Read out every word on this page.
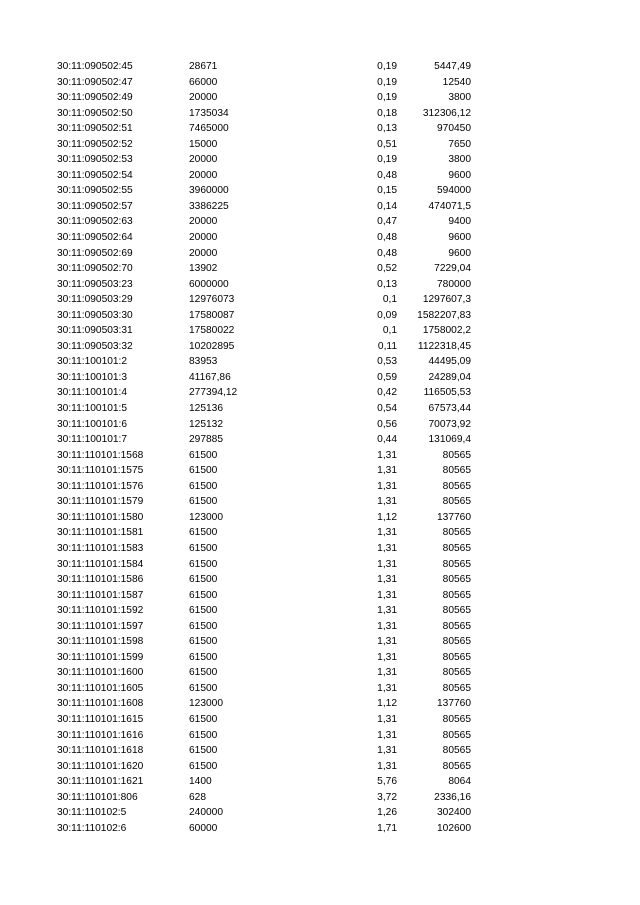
30:11:090502:45	28671	0,19	5447,49
30:11:090502:47	66000	0,19	12540
30:11:090502:49	20000	0,19	3800
30:11:090502:50	1735034	0,18	312306,12
30:11:090502:51	7465000	0,13	970450
30:11:090502:52	15000	0,51	7650
30:11:090502:53	20000	0,19	3800
30:11:090502:54	20000	0,48	9600
30:11:090502:55	3960000	0,15	594000
30:11:090502:57	3386225	0,14	474071,5
30:11:090502:63	20000	0,47	9400
30:11:090502:64	20000	0,48	9600
30:11:090502:69	20000	0,48	9600
30:11:090502:70	13902	0,52	7229,04
30:11:090503:23	6000000	0,13	780000
30:11:090503:29	12976073	0,1	1297607,3
30:11:090503:30	17580087	0,09	1582207,83
30:11:090503:31	17580022	0,1	1758002,2
30:11:090503:32	10202895	0,11	1122318,45
30:11:100101:2	83953	0,53	44495,09
30:11:100101:3	41167,86	0,59	24289,04
30:11:100101:4	277394,12	0,42	116505,53
30:11:100101:5	125136	0,54	67573,44
30:11:100101:6	125132	0,56	70073,92
30:11:100101:7	297885	0,44	131069,4
30:11:110101:1568	61500	1,31	80565
30:11:110101:1575	61500	1,31	80565
30:11:110101:1576	61500	1,31	80565
30:11:110101:1579	61500	1,31	80565
30:11:110101:1580	123000	1,12	137760
30:11:110101:1581	61500	1,31	80565
30:11:110101:1583	61500	1,31	80565
30:11:110101:1584	61500	1,31	80565
30:11:110101:1586	61500	1,31	80565
30:11:110101:1587	61500	1,31	80565
30:11:110101:1592	61500	1,31	80565
30:11:110101:1597	61500	1,31	80565
30:11:110101:1598	61500	1,31	80565
30:11:110101:1599	61500	1,31	80565
30:11:110101:1600	61500	1,31	80565
30:11:110101:1605	61500	1,31	80565
30:11:110101:1608	123000	1,12	137760
30:11:110101:1615	61500	1,31	80565
30:11:110101:1616	61500	1,31	80565
30:11:110101:1618	61500	1,31	80565
30:11:110101:1620	61500	1,31	80565
30:11:110101:1621	1400	5,76	8064
30:11:110101:806	628	3,72	2336,16
30:11:110102:5	240000	1,26	302400
30:11:110102:6	60000	1,71	102600
